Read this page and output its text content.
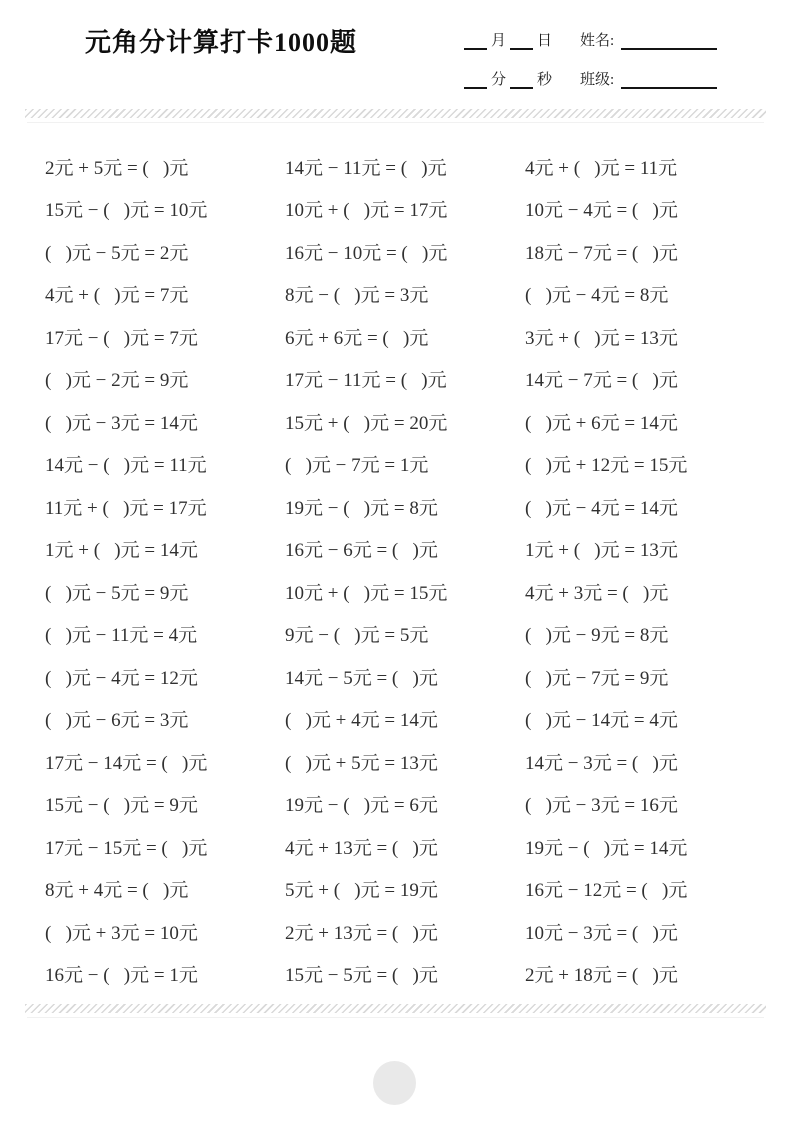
元角分计算打卡1000题	月 日 姓名:
分 秒 班级:
2元 + 5元 = (   )元
15元 − (   )元 = 10元
(   )元 − 5元 = 2元
4元 + (   )元 = 7元
17元 − (   )元 = 7元
(   )元 − 2元 = 9元
(   )元 − 3元 = 14元
14元 − (   )元 = 11元
11元 + (   )元 = 17元
1元 + (   )元 = 14元
(   )元 − 5元 = 9元
(   )元 − 11元 = 4元
(   )元 − 4元 = 12元
(   )元 − 6元 = 3元
17元 − 14元 = (   )元
15元 − (   )元 = 9元
17元 − 15元 = (   )元
8元 + 4元 = (   )元
(   )元 + 3元 = 10元
16元 − (   )元 = 1元
14元 − 11元 = (   )元
10元 + (   )元 = 17元
16元 − 10元 = (   )元
8元 − (   )元 = 3元
6元 + 6元 = (   )元
17元 − 11元 = (   )元
15元 + (   )元 = 20元
(   )元 − 7元 = 1元
19元 − (   )元 = 8元
16元 − 6元 = (   )元
10元 + (   )元 = 15元
9元 − (   )元 = 5元
14元 − 5元 = (   )元
(   )元 + 4元 = 14元
(   )元 + 5元 = 13元
19元 − (   )元 = 6元
4元 + 13元 = (   )元
5元 + (   )元 = 19元
2元 + 13元 = (   )元
15元 − 5元 = (   )元
4元 + (   )元 = 11元
10元 − 4元 = (   )元
18元 − 7元 = (   )元
(   )元 − 4元 = 8元
3元 + (   )元 = 13元
14元 − 7元 = (   )元
(   )元 + 6元 = 14元
(   )元 + 12元 = 15元
(   )元 − 4元 = 14元
1元 + (   )元 = 13元
4元 + 3元 = (   )元
(   )元 − 9元 = 8元
(   )元 − 7元 = 9元
(   )元 − 14元 = 4元
14元 − 3元 = (   )元
(   )元 − 3元 = 16元
19元 − (   )元 = 14元
16元 − 12元 = (   )元
10元 − 3元 = (   )元
2元 + 18元 = (   )元
